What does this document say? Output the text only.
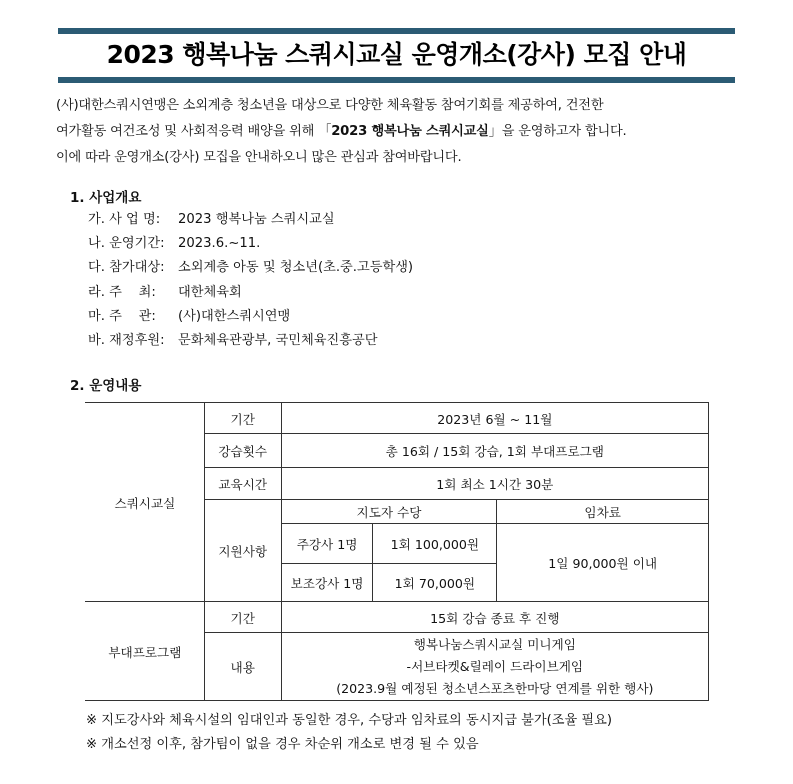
2023 행복나눔 스쿼시교실 운영개소(강사) 모집 안내

(사)대한스쿼시연맹은 소외계층 청소년을 대상으로 다양한 체육활동 참여기회를 제공하여, 건전한

여가활동 여건조성 및 사회적응력 배양을 위해 「2023 행복나눔 스쿼시교실」을 운영하고자 합니다.

이에 따라 운영개소(강사) 모집을 안내하오니 많은 관심과 참여바랍니다.

1. 사업개요
가. 사 업 명: 2023 행복나눔 스쿼시교실
나. 운영기간: 2023.6.~11.
다. 참가대상: 소외계층 아동 및 청소년(초.중.고등학생)
라. 주    최: 대한체육회
마. 주    관: (사)대한스쿼시연맹
바. 재정후원: 문화체육관광부, 국민체육진흥공단
2. 운영내용
스쿼시교실	기간	2023년 6월 ~ 11월		
	강습횟수	총 16회 / 15회 강습, 1회 부대프로그램		
	교육시간	1회 최소 1시간 30분		
	지원사항	지도자 수당		임차료
		주강사 1명	1회 100,000원	1일 90,000원 이내
		보조강사 1명	1회 70,000원	
부대프로그램	기간	15회 강습 종료 후 진행		
	내용	행복나눔스쿼시교실 미니게임
-서브타켓&릴레이 드라이브게임
(2023.9월 예정된 청소년스포츠한마당 연계를 위한 행사)		
※ 지도강사와 체육시설의 임대인과 동일한 경우, 수당과 임차료의 동시지급 불가(조율 필요)
※ 개소선정 이후, 참가팀이 없을 경우 차순위 개소로 변경 될 수 있음
